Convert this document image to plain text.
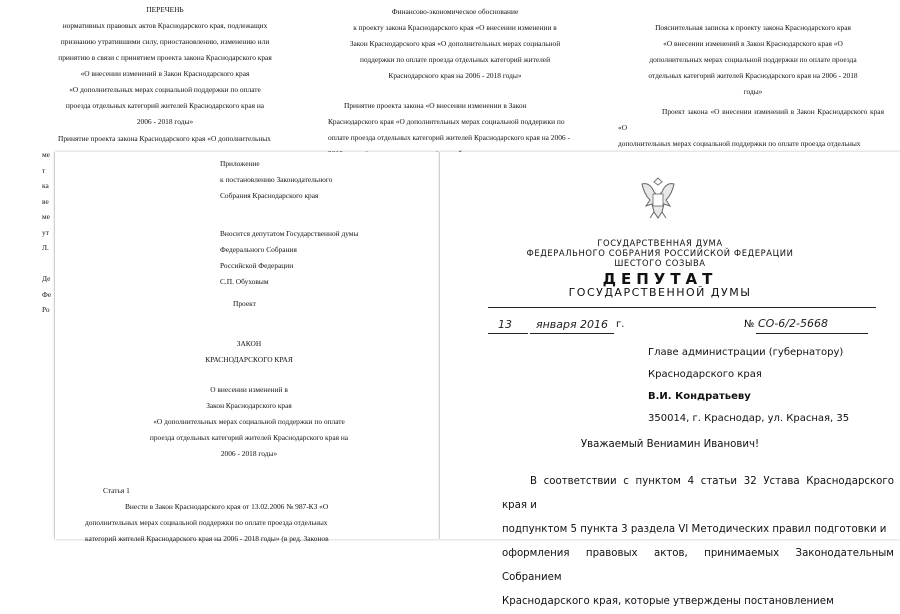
ПЕРЕЧЕНЬ

нормативных правовых актов Краснодарского края, подлежащих

признанию утратившими силу, приостановлению, изменению или

принятию в связи с принятием проекта закона Краснодарского края

«О внесении изменений в Закон Краснодарского края

«О дополнительных мерах социальной поддержки по оплате

проезда отдельных категорий жителей Краснодарского края на

2006 - 2018 годы»

Принятие проекта закона Краснодарского края «О дополнительных

ме

т

ка

ве

ме

ут

Л.

Де

Фе

Ро

Финансово-экономическое обоснование

к проекту закона Краснодарского края «О внесении изменении в

Закон Краснодарского края «О дополнительных мерах социальной

поддержки по оплате проезда отдельных категорий жителей

Краснодарского края на 2006 - 2018 годы»

Принятие проекта закона «О внесении изменении в Закон

Краснодарского края «О дополнительных мерах социальной поддержки по

оплате проезда отдельных категорий жителей Краснодарского края на 2006 -

Пояснительная записка к проекту закона Краснодарского края

«О внесении изменений в Закон Краснодарского края «О

дополнительных мерах социальной поддержки по оплате проезда

отдельных категорий жителей Краснодарского края на 2006 - 2018

годы»

Проект закона «О внесении изменений в Закон Краснодарского края «О

дополнительных мерах социальной поддержки по оплате проезда отдельных

Приложение

к постановлению Законодательного

Собрания Краснодарского края

Вносится депутатом Государственной думы

Федерального Собрания

Российской Федерации

С.П. Обуховым

Проект

ЗАКОН

КРАСНОДАРСКОГО КРАЯ

О внесении изменений в

Закон Краснодарского края

«О дополнительных мерах социальной поддержки по оплате

проезда отдельных категорий жителей Краснодарского края на

2006 - 2018 годы»

Статья 1

Внести в Закон Краснодарского края от 13.02.2006 № 987-КЗ «О

дополнительных мерах социальной поддержки по оплате проезда отдельных

категорий жителей Краснодарского края на 2006 - 2018 годы» (в ред. Законов

ГОСУДАРСТВЕННАЯ ДУМА

ФЕДЕРАЛЬНОГО СОБРАНИЯ РОССИЙСКОЙ ФЕДЕРАЦИИ

ШЕСТОГО СОЗЫВА

ДЕПУТАТ

ГОСУДАРСТВЕННОЙ ДУМЫ

13 января 2016 г.	№ СО-6/2-5668

Главе администрации (губернатору)

Краснодарского края

В.И. Кондратьеву

350014, г. Краснодар, ул. Красная, 35

Уважаемый Вениамин Иванович!

В соответствии с пунктом 4 статьи 32 Устава Краснодарского края и

подпунктом 5 пункта 3 раздела VI Методических правил подготовки и

оформления правовых актов, принимаемых Законодательным Собранием

Краснодарского края, которые утверждены постановлением
